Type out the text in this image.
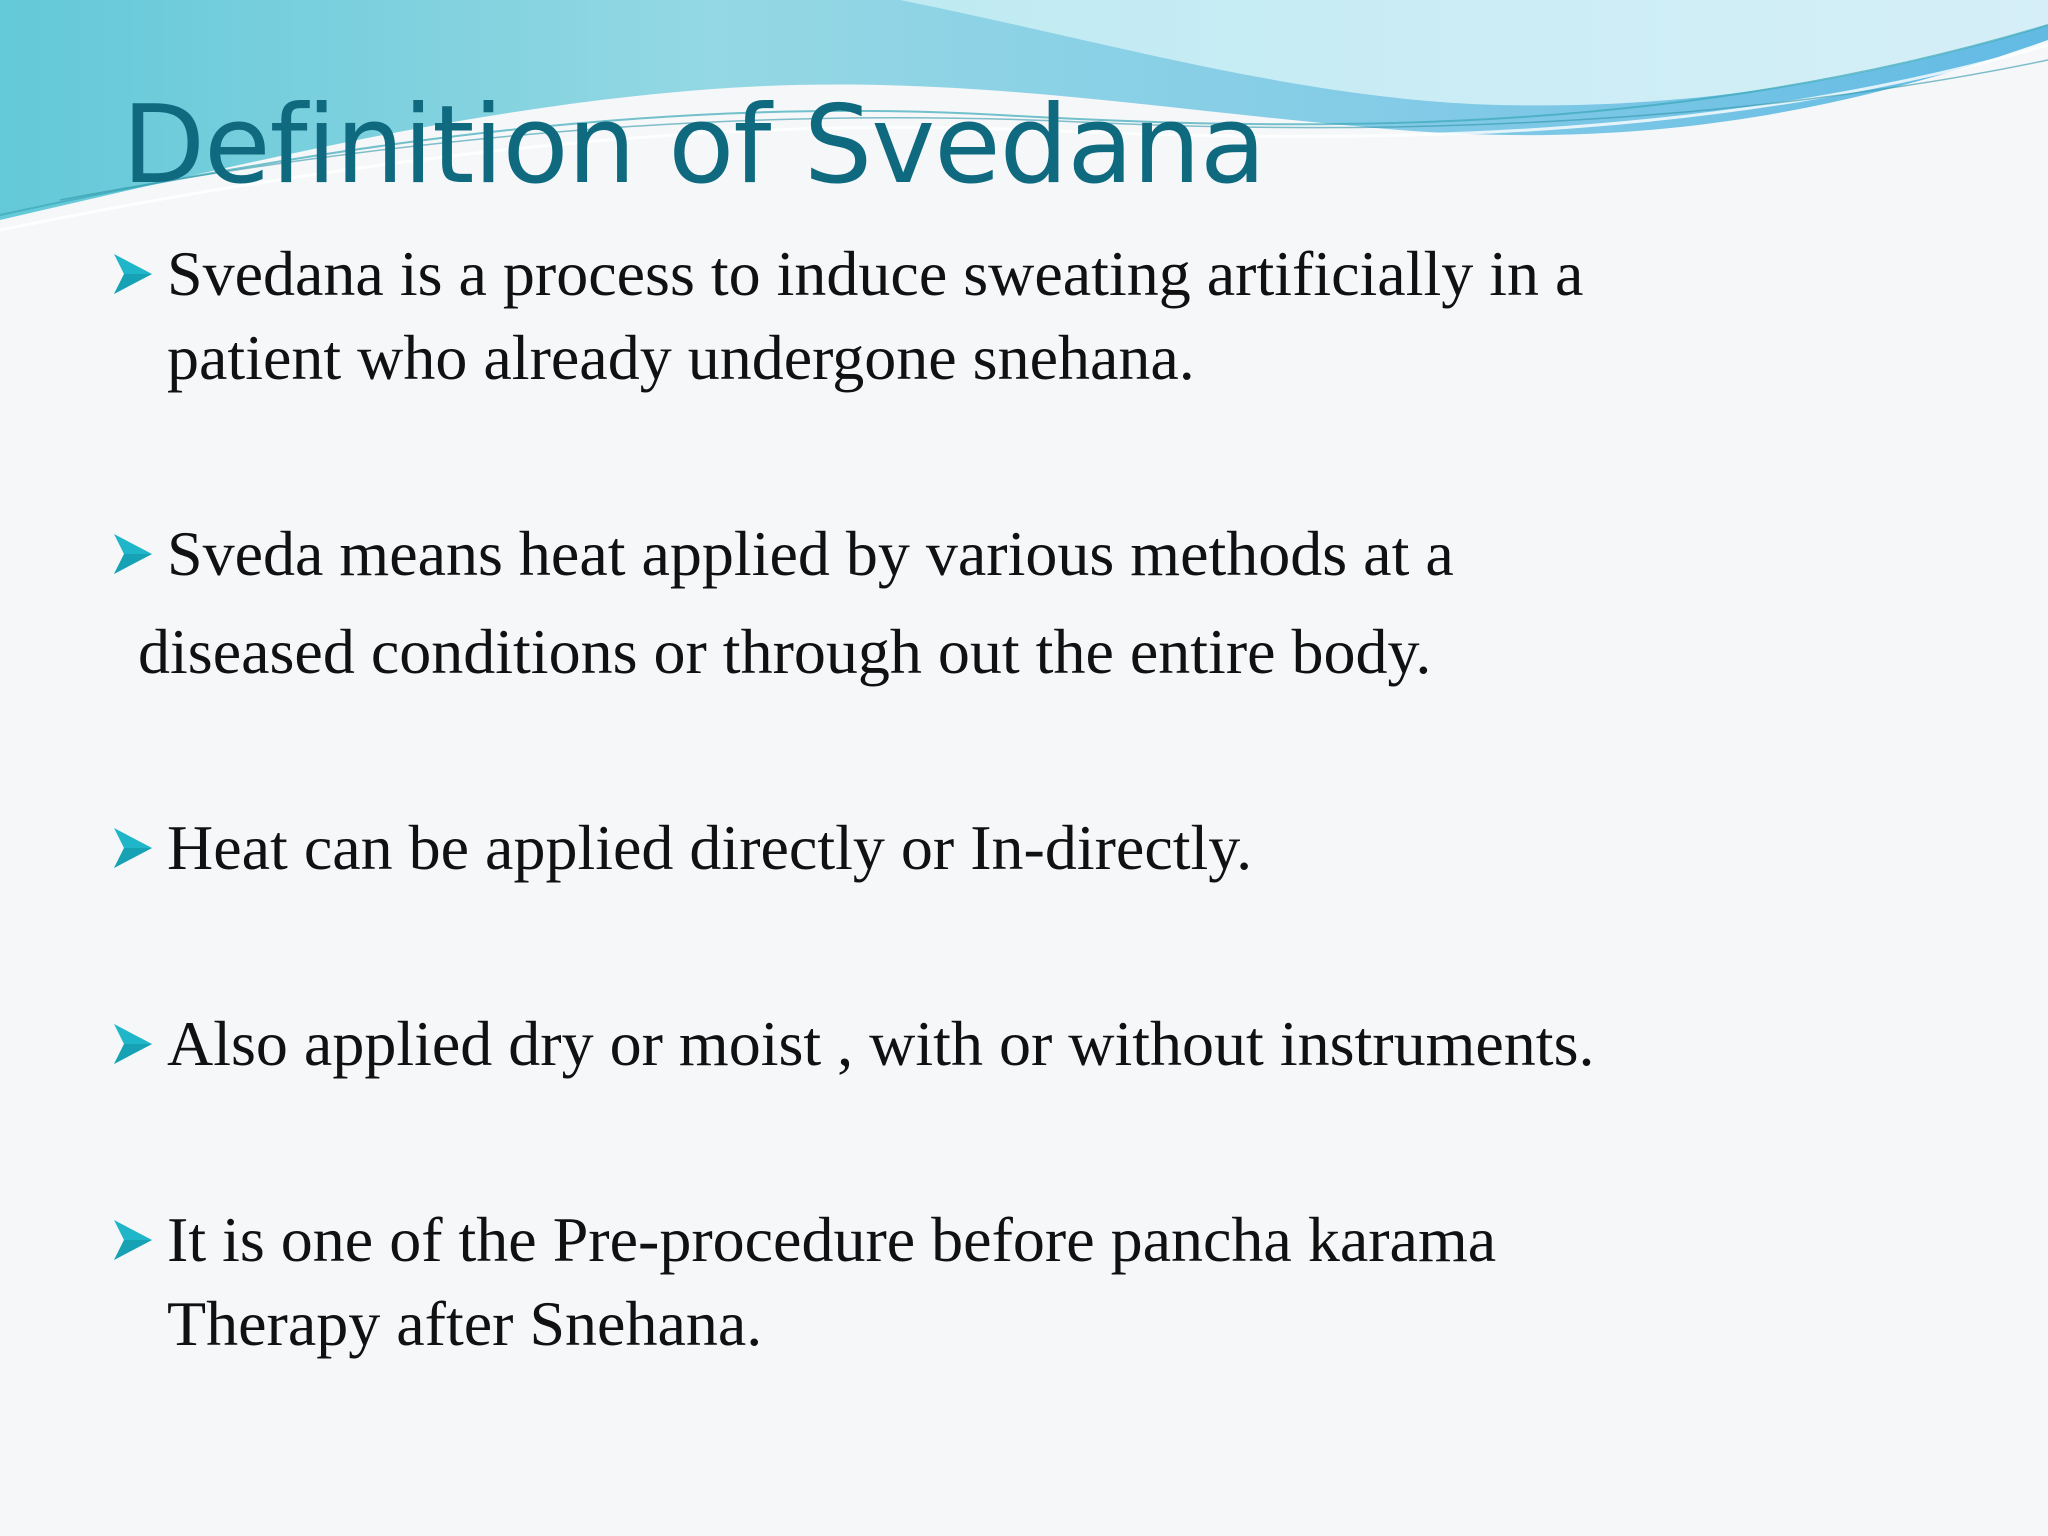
Definition of Svedana
Svedana is a process to induce sweating artificially in a
patient who already undergone snehana.
Sveda means heat applied by various methods at a
diseased conditions or through out the entire body.
Heat can be applied directly or In-directly.
Also applied dry or moist , with or without instruments.
It is one of the Pre-procedure before pancha karama
Therapy after Snehana.
